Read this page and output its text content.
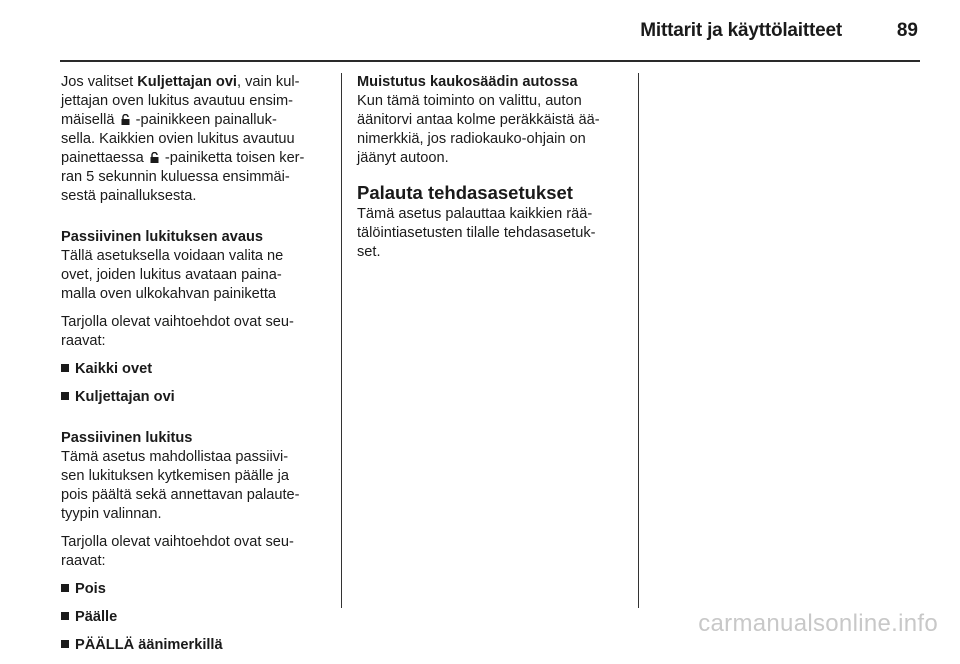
Mittarit ja käyttölaitteet	89

Jos valitset Kuljettajan ovi, vain kul-
jettajan oven lukitus avautuu ensim-
mäisellä  -painikkeen painalluk-
sella. Kaikkien ovien lukitus avautuu
painettaessa  -painiketta toisen ker-
ran 5 sekunnin kuluessa ensimmäi-
sestä painalluksesta.

Passiivinen lukituksen avaus
Tällä asetuksella voidaan valita ne
ovet, joiden lukitus avataan paina-
malla oven ulkokahvan painiketta

Tarjolla olevat vaihtoehdot ovat seu-
raavat:

Kaikki ovet
Kuljettajan ovi

Passiivinen lukitus
Tämä asetus mahdollistaa passiivi-
sen lukituksen kytkemisen päälle ja
pois päältä sekä annettavan palaute-
tyypin valinnan.

Tarjolla olevat vaihtoehdot ovat seu-
raavat:

Pois
Päälle
PÄÄLLÄ äänimerkillä

Muistutus kaukosäädin autossa
Kun tämä toiminto on valittu, auton
äänitorvi antaa kolme peräkkäistä ää-
nimerkkiä, jos radiokauko-ohjain on
jäänyt autoon.

Palauta tehdasasetukset

Tämä asetus palauttaa kaikkien rää-
tälöintiasetusten tilalle tehdasasetuk-
set.

carmanualsonline.info
